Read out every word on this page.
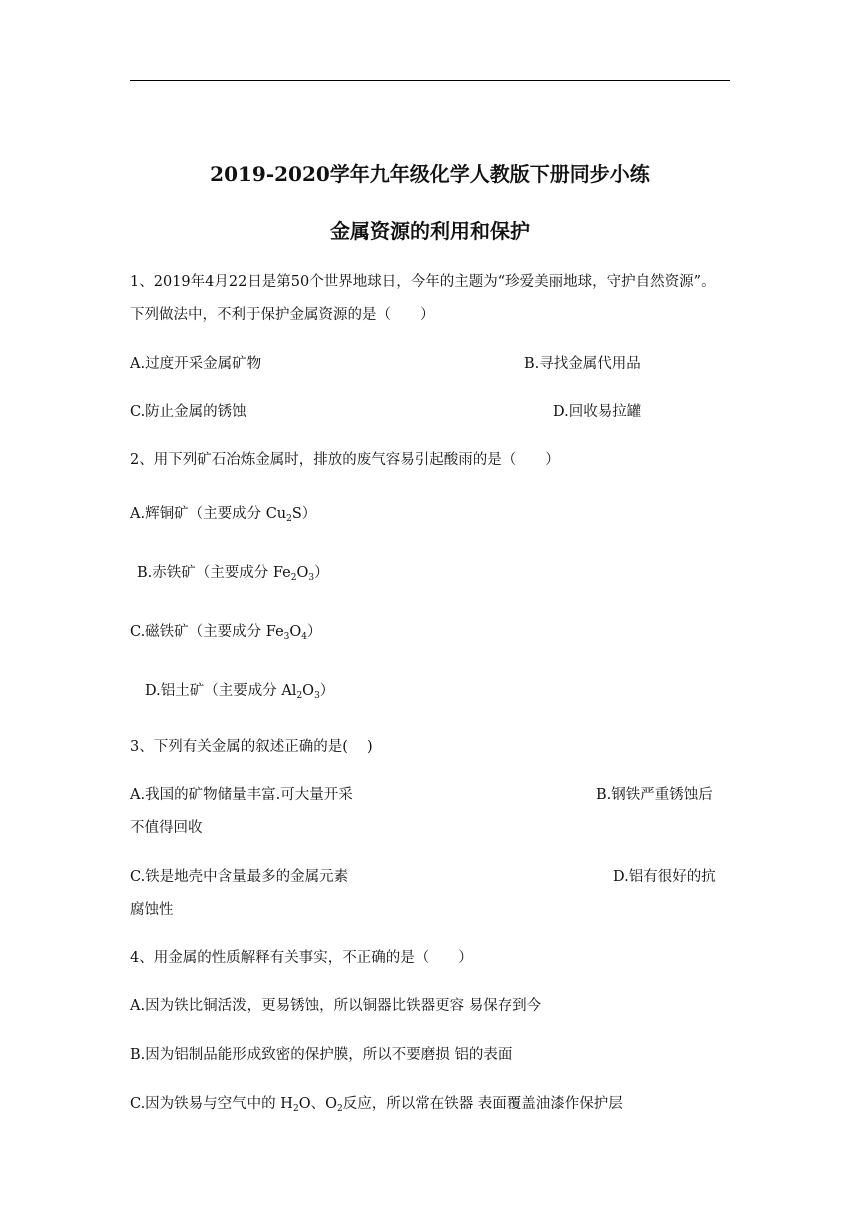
2019-2020学年九年级化学人教版下册同步小练
金属资源的利用和保护
1、2019年4月22日是第50个世界地球日，今年的主题为“珍爱美丽地球，守护自然资源”。
下列做法中，不利于保护金属资源的是（　　）
A.过度开采金属矿物	B.寻找金属代用品
C.防止金属的锈蚀	D.回收易拉罐
2、用下列矿石冶炼金属时，排放的废气容易引起酸雨的是（　　）
A.辉铜矿（主要成分 $Cu_2S$）
B.赤铁矿（主要成分 $Fe_2O_3$）
C.磁铁矿（主要成分 $Fe_3O_4$）
D.铝土矿（主要成分 $Al_2O_3$）
3、下列有关金属的叙述正确的是(　 )
A.我国的矿物储量丰富.可大量开采	B.钢铁严重锈蚀后
不值得回收
C.铁是地壳中含量最多的金属元素	D.铝有很好的抗
腐蚀性
4、用金属的性质解释有关事实，不正确的是（　　）
A.因为铁比铜活泼，更易锈蚀，所以铜器比铁器更容 易保存到今
B.因为铝制品能形成致密的保护膜，所以不要磨损 铝的表面
C.因为铁易与空气中的 $H_2O$、$O_2$反应，所以常在铁器 表面覆盖油漆作保护层
